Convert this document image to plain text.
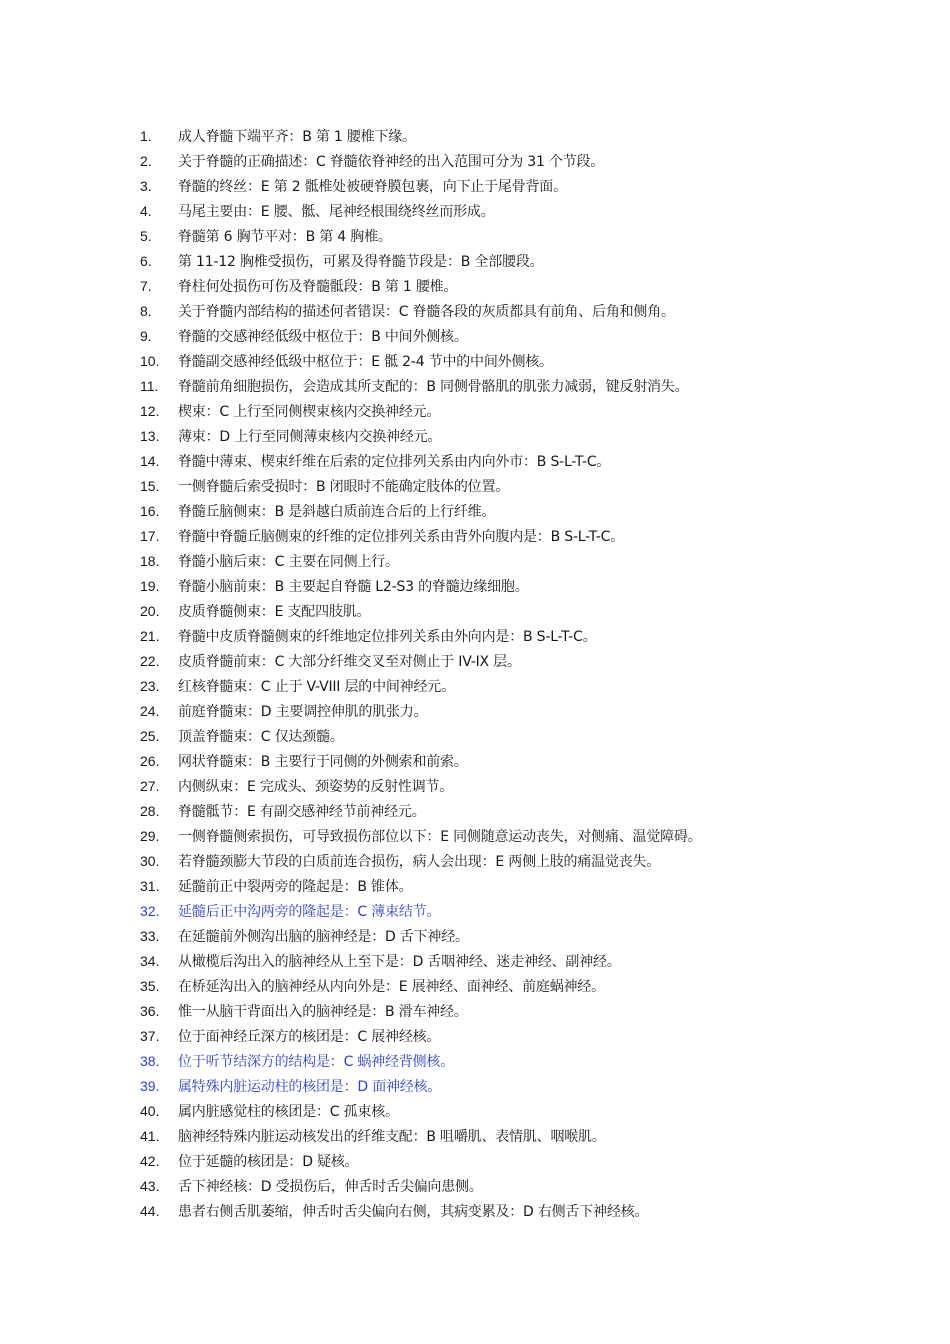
1.	成人脊髓下端平齐：B 第 1 腰椎下缘。
2.	关于脊髓的正确描述：C 脊髓依脊神经的出入范围可分为 31 个节段。
3.	脊髓的终丝：E 第 2 骶椎处被硬脊膜包裹，向下止于尾骨背面。
4.	马尾主要由：E 腰、骶、尾神经根围绕终丝而形成。
5.	脊髓第 6 胸节平对：B 第 4 胸椎。
6.	第 11-12 胸椎受损伤，可累及得脊髓节段是：B 全部腰段。
7.	脊柱何处损伤可伤及脊髓骶段：B 第 1 腰椎。
8.	关于脊髓内部结构的描述何者错误：C 脊髓各段的灰质都具有前角、后角和侧角。
9.	脊髓的交感神经低级中枢位于：B 中间外侧核。
10.	脊髓副交感神经低级中枢位于：E 骶 2-4 节中的中间外侧核。
11.	脊髓前角细胞损伤，会造成其所支配的：B 同侧骨骼肌的肌张力减弱，键反射消失。
12.	楔束：C 上行至同侧楔束核内交换神经元。
13.	薄束：D 上行至同侧薄束核内交换神经元。
14.	脊髓中薄束、楔束纤维在后索的定位排列关系由内向外市：B S-L-T-C。
15.	一侧脊髓后索受损时：B 闭眼时不能确定肢体的位置。
16.	脊髓丘脑侧束：B 是斜越白质前连合后的上行纤维。
17.	脊髓中脊髓丘脑侧束的纤维的定位排列关系由背外向腹内是：B S-L-T-C。
18.	脊髓小脑后束：C 主要在同侧上行。
19.	脊髓小脑前束：B 主要起自脊髓 L2-S3 的脊髓边缘细胞。
20.	皮质脊髓侧束：E 支配四肢肌。
21.	脊髓中皮质脊髓侧束的纤维地定位排列关系由外向内是：B S-L-T-C。
22.	皮质脊髓前束：C 大部分纤维交叉至对侧止于 IV-IX 层。
23.	红核脊髓束：C 止于 V-VIII 层的中间神经元。
24.	前庭脊髓束：D 主要调控伸肌的肌张力。
25.	顶盖脊髓束：C 仅达颈髓。
26.	网状脊髓束：B 主要行于同侧的外侧索和前索。
27.	内侧纵束：E 完成头、颈姿势的反射性调节。
28.	脊髓骶节：E 有副交感神经节前神经元。
29.	一侧脊髓侧索损伤，可导致损伤部位以下：E 同侧随意运动丧失，对侧痛、温觉障碍。
30.	若脊髓颈膨大节段的白质前连合损伤，病人会出现：E 两侧上肢的痛温觉丧失。
31.	延髓前正中裂两旁的隆起是：B 锥体。
32.	延髓后正中沟两旁的隆起是：C 薄束结节。
33.	在延髓前外侧沟出脑的脑神经是：D 舌下神经。
34.	从橄榄后沟出入的脑神经从上至下是：D 舌咽神经、迷走神经、副神经。
35.	在桥延沟出入的脑神经从内向外是：E 展神经、面神经、前庭蜗神经。
36.	惟一从脑干背面出入的脑神经是：B 滑车神经。
37.	位于面神经丘深方的核团是：C 展神经核。
38.	位于听节结深方的结构是：C 蜗神经背侧核。
39.	属特殊内脏运动柱的核团是：D 面神经核。
40.	属内脏感觉柱的核团是：C 孤束核。
41.	脑神经特殊内脏运动核发出的纤维支配：B 咀嚼肌、表情肌、咽喉肌。
42.	位于延髓的核团是：D 疑核。
43.	舌下神经核：D 受损伤后，伸舌时舌尖偏向患侧。
44.	患者右侧舌肌萎缩，伸舌时舌尖偏向右侧，其病变累及：D 右侧舌下神经核。
